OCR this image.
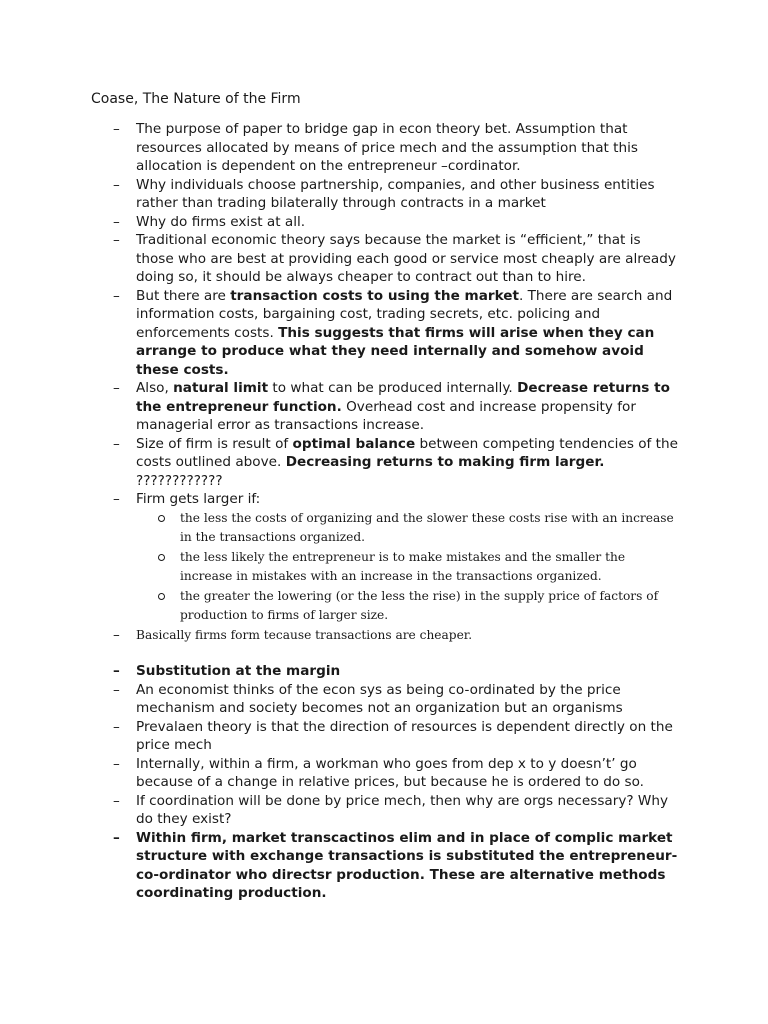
Coase, The Nature of the Firm
–	The purpose of paper to bridge gap in econ theory bet. Assumption that resources allocated by means of price mech and the assumption that this allocation is dependent on the entrepreneur –cordinator.
–	Why individuals choose partnership, companies, and other business entities rather than trading bilaterally through contracts in a market
–	Why do firms exist at all.
–	Traditional economic theory says because the market is “efficient,” that is those who are best at providing each good or service most cheaply are already doing so, it should be always cheaper to contract out than to hire.
–	But there are transaction costs to using the market. There are search and information costs, bargaining cost, trading secrets, etc. policing and enforcements costs. This suggests that firms will arise when they can arrange to produce what they need internally and somehow avoid these costs.
–	Also, natural limit to what can be produced internally. Decrease returns to the entrepreneur function. Overhead cost and increase propensity for managerial error as transactions increase.
–	Size of firm is result of optimal balance between competing tendencies of the costs outlined above. Decreasing returns to making firm larger. ????????????
–	Firm gets larger if:
the less the costs of organizing and the slower these costs rise with an increase in the transactions organized.
the less likely the entrepreneur is to make mistakes and the smaller the increase in mistakes with an increase in the transactions organized.
the greater the lowering (or the less the rise) in the supply price of factors of production to firms of larger size.
–	Basically firms form tecause transactions are cheaper.
–	Substitution at the margin
–	An economist thinks of the econ sys as being co-ordinated by the price mechanism and society becomes not an organization but an organisms
–	Prevalaen theory is that the direction of resources is dependent directly on the price mech
–	Internally, within a firm, a workman who goes from dep x to y doesn’t’ go because of a change in relative prices, but because he is ordered to do so.
–	If coordination will be done by price mech, then why are orgs necessary? Why do they exist?
–	Within firm, market transcactinos elim and in place of complic market structure with exchange transactions is substituted the entrepreneur-co-ordinator who directsr production. These are alternative methods coordinating production.
